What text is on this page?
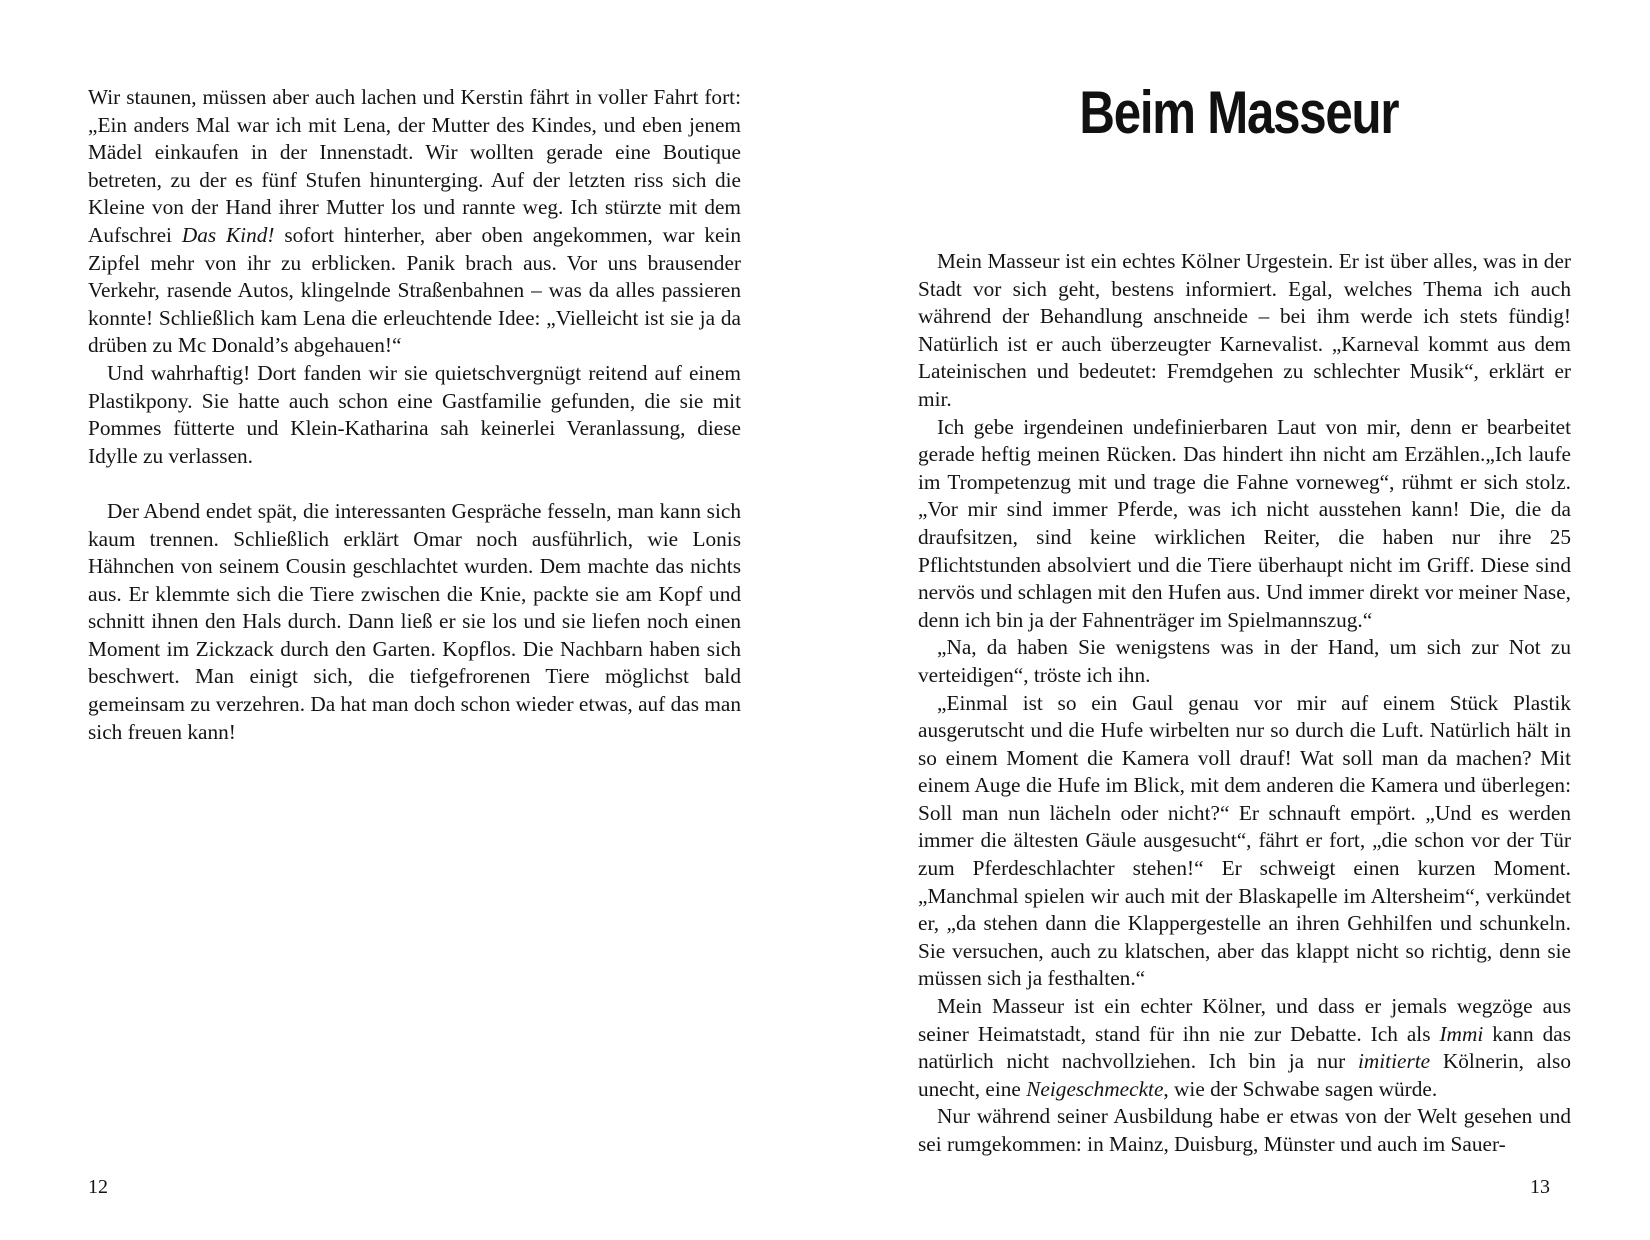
Wir staunen, müssen aber auch lachen und Kerstin fährt in voller Fahrt fort: „Ein anders Mal war ich mit Lena, der Mutter des Kindes, und eben jenem Mädel einkaufen in der Innenstadt. Wir wollten gerade eine Boutique betreten, zu der es fünf Stufen hinunterging. Auf der letzten riss sich die Kleine von der Hand ihrer Mutter los und rannte weg. Ich stürzte mit dem Aufschrei Das Kind! sofort hinterher, aber oben angekommen, war kein Zipfel mehr von ihr zu erblicken. Panik brach aus. Vor uns brausender Verkehr, rasende Autos, klingelnde Straßenbahnen – was da alles passieren konnte! Schließlich kam Lena die erleuchtende Idee: „Vielleicht ist sie ja da drüben zu Mc Donald’s abgehauen!“

Und wahrhaftig! Dort fanden wir sie quietschvergnügt reitend auf einem Plastikpony. Sie hatte auch schon eine Gastfamilie gefunden, die sie mit Pommes fütterte und Klein-Katharina sah keinerlei Veranlassung, diese Idylle zu verlassen.

Der Abend endet spät, die interessanten Gespräche fesseln, man kann sich kaum trennen. Schließlich erklärt Omar noch ausführlich, wie Lonis Hähnchen von seinem Cousin geschlachtet wurden. Dem machte das nichts aus. Er klemmte sich die Tiere zwischen die Knie, packte sie am Kopf und schnitt ihnen den Hals durch. Dann ließ er sie los und sie liefen noch einen Moment im Zickzack durch den Garten. Kopflos. Die Nachbarn haben sich beschwert. Man einigt sich, die tiefgefrorenen Tiere möglichst bald gemeinsam zu verzehren. Da hat man doch schon wieder etwas, auf das man sich freuen kann!

12
Beim Masseur

Mein Masseur ist ein echtes Kölner Urgestein. Er ist über alles, was in der Stadt vor sich geht, bestens informiert. Egal, welches Thema ich auch während der Behandlung anschneide – bei ihm werde ich stets fündig! Natürlich ist er auch überzeugter Karnevalist. „Karneval kommt aus dem Lateinischen und bedeutet: Fremdgehen zu schlechter Musik“, erklärt er mir.

Ich gebe irgendeinen undefinierbaren Laut von mir, denn er bearbeitet gerade heftig meinen Rücken. Das hindert ihn nicht am Erzählen.„Ich laufe im Trompetenzug mit und trage die Fahne vorneweg“, rühmt er sich stolz. „Vor mir sind immer Pferde, was ich nicht ausstehen kann! Die, die da draufsitzen, sind keine wirklichen Reiter, die haben nur ihre 25 Pflichtstunden absolviert und die Tiere überhaupt nicht im Griff. Diese sind nervös und schlagen mit den Hufen aus. Und immer direkt vor meiner Nase, denn ich bin ja der Fahnenträger im Spielmannszug.“

„Na, da haben Sie wenigstens was in der Hand, um sich zur Not zu verteidigen“, tröste ich ihn.

„Einmal ist so ein Gaul genau vor mir auf einem Stück Plastik ausgerutscht und die Hufe wirbelten nur so durch die Luft. Natürlich hält in so einem Moment die Kamera voll drauf! Wat soll man da machen? Mit einem Auge die Hufe im Blick, mit dem anderen die Kamera und überlegen: Soll man nun lächeln oder nicht?“ Er schnauft empört. „Und es werden immer die ältesten Gäule ausgesucht“, fährt er fort, „die schon vor der Tür zum Pferdeschlachter stehen!“ Er schweigt einen kurzen Moment. „Manchmal spielen wir auch mit der Blaskapelle im Altersheim“, verkündet er, „da stehen dann die Klappergestelle an ihren Gehhilfen und schunkeln. Sie versuchen, auch zu klatschen, aber das klappt nicht so richtig, denn sie müssen sich ja festhalten.“

Mein Masseur ist ein echter Kölner, und dass er jemals wegzöge aus seiner Heimatstadt, stand für ihn nie zur Debatte. Ich als Immi kann das natürlich nicht nachvollziehen. Ich bin ja nur imitierte Kölnerin, also unecht, eine Neigeschmeckte, wie der Schwabe sagen würde.

Nur während seiner Ausbildung habe er etwas von der Welt gesehen und sei rumgekommen: in Mainz, Duisburg, Münster und auch im Sauer-

13
